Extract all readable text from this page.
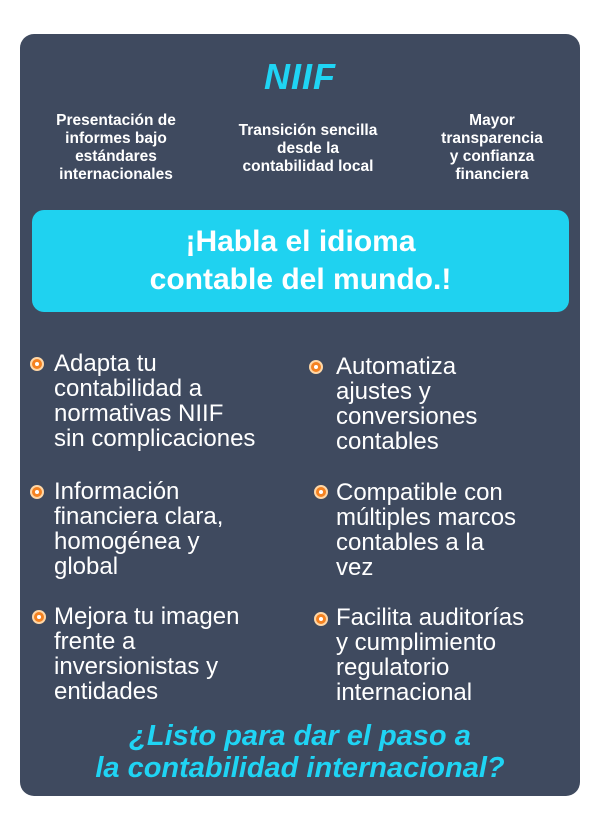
NIIF
Presentación de
informes bajo
estándares
internacionales
Transición sencilla
desde la
contabilidad local
Mayor
transparencia
y confianza
financiera
¡Habla el idioma
contable del mundo.!
Adapta tu
contabilidad a
normativas NIIF
sin complicaciones
Automatiza
ajustes y
conversiones
contables
Información
financiera clara,
homogénea y
global
Compatible con
múltiples marcos
contables a la
vez
Mejora tu imagen
frente a
inversionistas y
entidades
Facilita auditorías
y cumplimiento
regulatorio
internacional
¿Listo para dar el paso a
la contabilidad internacional?
